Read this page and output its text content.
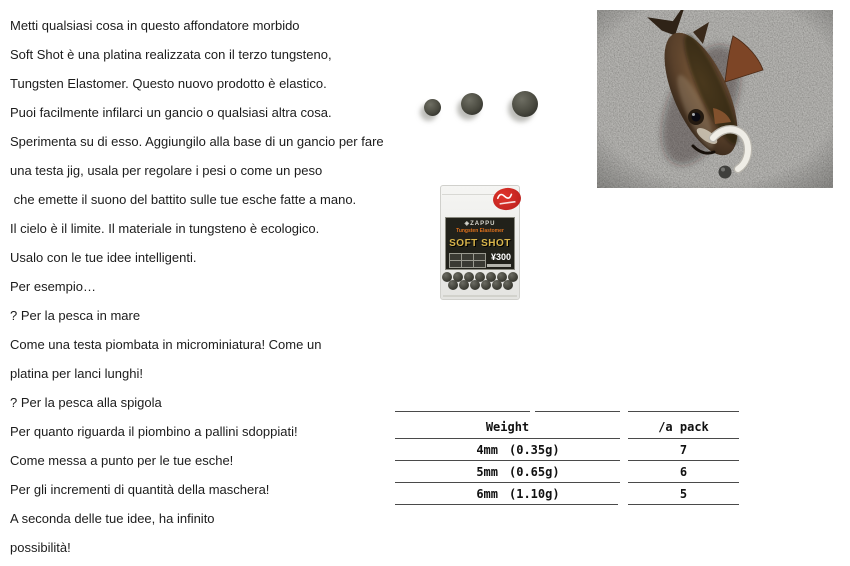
Metti qualsiasi cosa in questo affondatore morbido
Soft Shot è una platina realizzata con il terzo tungsteno,
Tungsten Elastomer. Questo nuovo prodotto è elastico.
Puoi facilmente infilarci un gancio o qualsiasi altra cosa.
Sperimenta su di esso. Aggiungilo alla base di un gancio per fare
una testa jig, usala per regolare i pesi o come un peso
che emette il suono del battito sulle tue esche fatte a mano.
Il cielo è il limite. Il materiale in tungsteno è ecologico.
Usalo con le tue idee intelligenti.
Per esempio…
? Per la pesca in mare
Come una testa piombata in microminiatura! Come un
platina per lanci lunghi!
? Per la pesca alla spigola
Per quanto riguarda il piombino a pallini sdoppiati!
Come messa a punto per le tue esche!
Per gli incrementi di quantità della maschera!
A seconda delle tue idee, ha infinito
possibilità!
◈ZAPPU
Tungsten Elastomer
SOFT SHOT
¥300
Weight	/a pack
4mm (0.35g)	7
5mm (0.65g)	6
6mm (1.10g)	5
